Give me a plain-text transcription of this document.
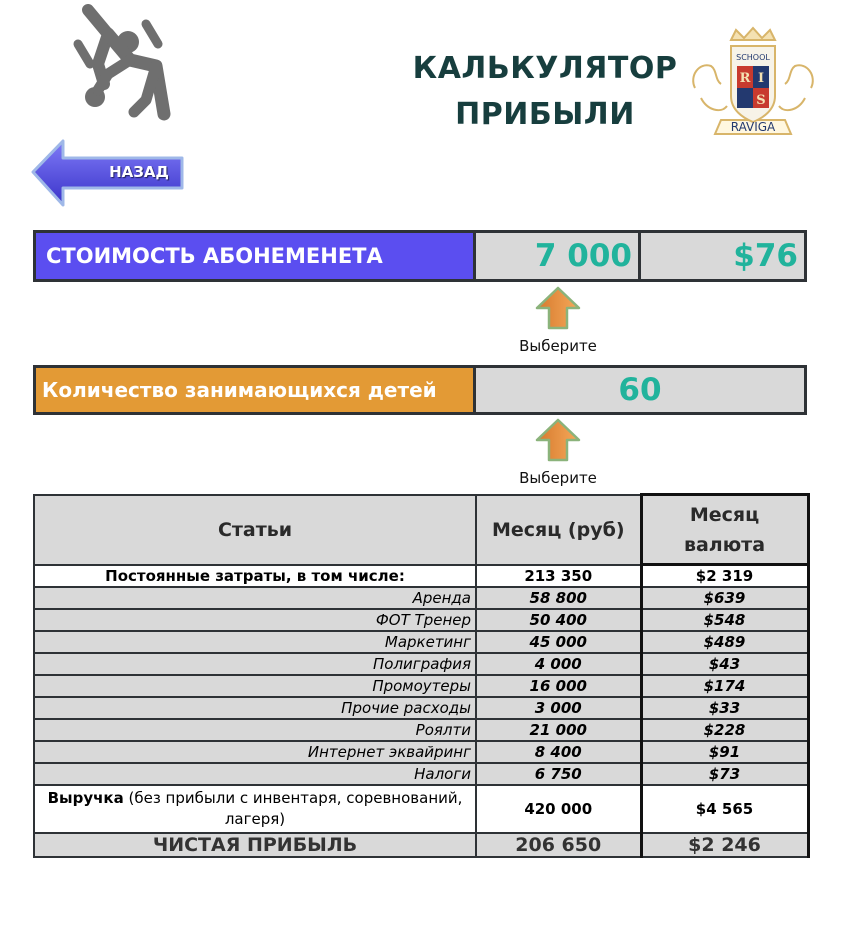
КАЛЬКУЛЯТОР
ПРИБЫЛИ
SCHOOL
R I
S
RAVIGA
НАЗАД
СТОИМОСТЬ АБОНЕМЕНЕТА	7 000	$76
Выберите
Количество занимающихся детей	60
Выберите
Статьи	Месяц (руб)	Месяц
валюта

Постоянные затраты, в том числе:	213 350	$2 319
Аренда	58 800	$639
ФОТ Тренер	50 400	$548
Маркетинг	45 000	$489
Полиграфия	4 000	$43
Промоутеры	16 000	$174
Прочие расходы	3 000	$33
Роялти	21 000	$228
Интернет эквайринг	8 400	$91
Налоги	6 750	$73
Выручка (без прибыли с инвентаря, соревнований,
лагеря)	420 000	$4 565
ЧИСТАЯ ПРИБЫЛЬ	206 650	$2 246
